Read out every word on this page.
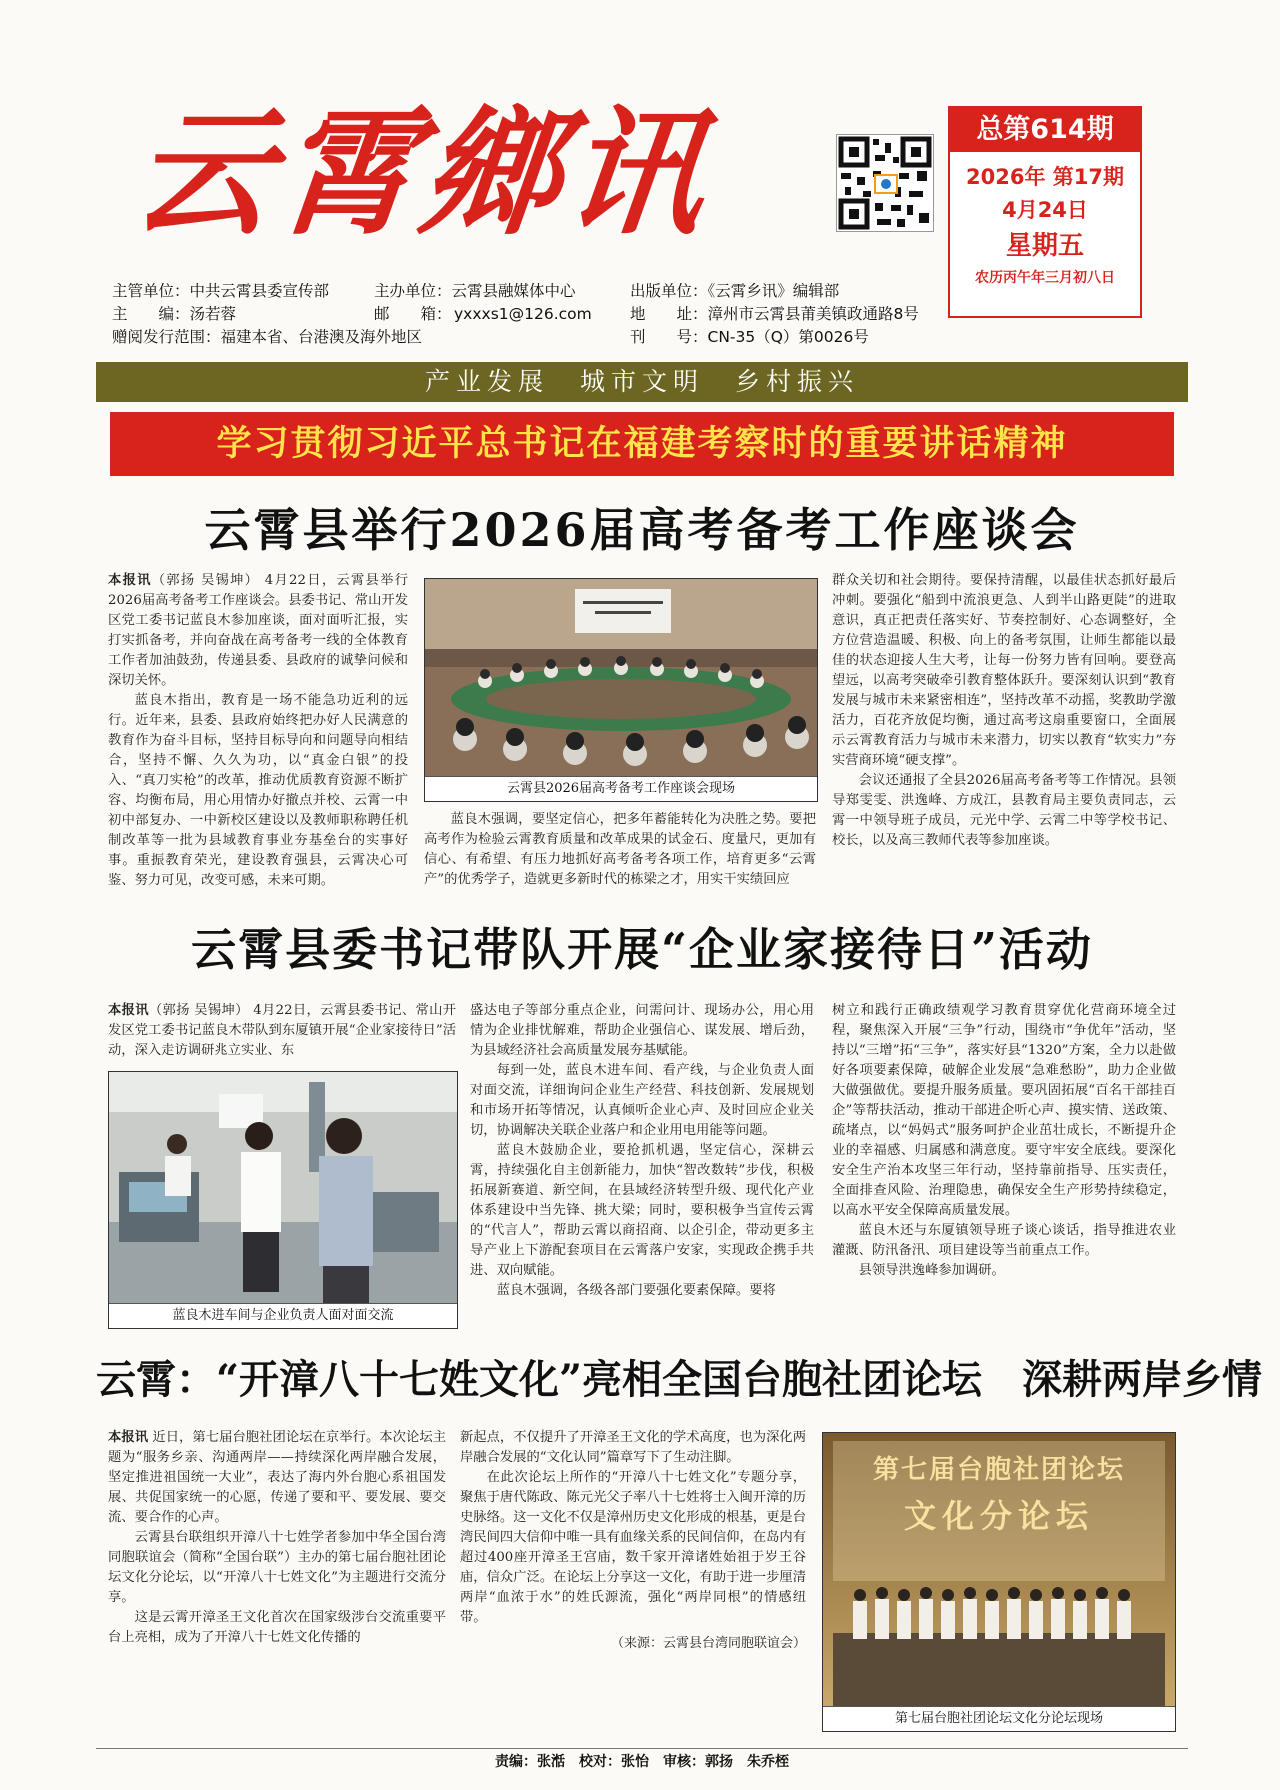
云霄鄉讯	总第614期
2026年 第17期
4月24日
星期五
农历丙午年三月初八日
主管单位：中共云霄县委宣传部	主办单位：云霄县融媒体中心	出版单位：《云霄乡讯》编辑部
主　　编：汤若蓉	邮　　箱： yxxxs1@126.com 地　　址：漳州市云霄县莆美镇政通路8号
赠阅发行范围：福建本省、台港澳及海外地区	刊　　号：CN-35（Q）第0026号
产业发展　城市文明　乡村振兴
学习贯彻习近平总书记在福建考察时的重要讲话精神
云霄县举行2026届高考备考工作座谈会

本报讯（郭扬 吴锡坤） 4月22日，云霄县举行2026届高考备考工作座谈会。县委书记、常山开发区党工委书记蓝良木参加座谈，面对面听汇报，实打实抓备考，并向奋战在高考备考一线的全体教育工作者加油鼓劲，传递县委、县政府的诚挚问候和深切关怀。

蓝良木指出，教育是一场不能急功近利的远行。近年来，县委、县政府始终把办好人民满意的教育作为奋斗目标，坚持目标导向和问题导向相结合，坚持不懈、久久为功，以“真金白银”的投入、“真刀实枪”的改革，推动优质教育资源不断扩容、均衡布局，用心用情办好撤点并校、云霄一中初中部复办、一中新校区建设以及教师职称聘任机制改革等一批为县域教育事业夯基垒台的实事好事。重振教育荣光，建设教育强县，云霄决心可鉴、努力可见，改变可感，未来可期。

云霄县2026届高考备考工作座谈会现场

蓝良木强调，要坚定信心，把多年蓄能转化为决胜之势。要把高考作为检验云霄教育质量和改革成果的试金石、度量尺，更加有信心、有希望、有压力地抓好高考备考各项工作，培育更多“云霄产”的优秀学子，造就更多新时代的栋梁之才，用实干实绩回应

群众关切和社会期待。要保持清醒，以最佳状态抓好最后冲刺。要强化“船到中流浪更急、人到半山路更陡”的进取意识，真正把责任落实好、节奏控制好、心态调整好，全方位营造温暖、积极、向上的备考氛围，让师生都能以最佳的状态迎接人生大考，让每一份努力皆有回响。要登高望远，以高考突破牵引教育整体跃升。要深刻认识到“教育发展与城市未来紧密相连”，坚持改革不动摇，奖教助学激活力，百花齐放促均衡，通过高考这扇重要窗口，全面展示云霄教育活力与城市未来潜力，切实以教育“软实力”夯实营商环境“硬支撑”。

会议还通报了全县2026届高考备考等工作情况。县领导郑雯雯、洪逸峰、方成江，县教育局主要负责同志，云霄一中领导班子成员，元光中学、云霄二中等学校书记、校长，以及高三教师代表等参加座谈。

云霄县委书记带队开展“企业家接待日”活动

本报讯（郭扬 吴锡坤） 4月22日，云霄县委书记、常山开发区党工委书记蓝良木带队到东厦镇开展“企业家接待日”活动，深入走访调研兆立实业、东

蓝良木进车间与企业负责人面对面交流

盛达电子等部分重点企业，问需问计、现场办公，用心用情为企业排忧解难，帮助企业强信心、谋发展、增后劲，为县域经济社会高质量发展夯基赋能。

每到一处，蓝良木进车间、看产线，与企业负责人面对面交流，详细询问企业生产经营、科技创新、发展规划和市场开拓等情况，认真倾听企业心声、及时回应企业关切，协调解决关联企业落户和企业用电用能等问题。

蓝良木鼓励企业，要抢抓机遇，坚定信心，深耕云霄，持续强化自主创新能力，加快“智改数转”步伐，积极拓展新赛道、新空间，在县域经济转型升级、现代化产业体系建设中当先锋、挑大梁；同时，要积极争当宣传云霄的“代言人”，帮助云霄以商招商、以企引企，带动更多主导产业上下游配套项目在云霄落户安家，实现政企携手共进、双向赋能。

蓝良木强调，各级各部门要强化要素保障。要将

树立和践行正确政绩观学习教育贯穿优化营商环境全过程，聚焦深入开展“三争”行动，围绕市“争优年”活动，坚持以“三增”拓“三争”，落实好县“1320”方案，全力以赴做好各项要素保障，破解企业发展“急难愁盼”，助力企业做大做强做优。要提升服务质量。要巩固拓展“百名干部挂百企”等帮扶活动，推动干部进企听心声、摸实情、送政策、疏堵点，以“妈妈式”服务呵护企业茁壮成长，不断提升企业的幸福感、归属感和满意度。要守牢安全底线。要深化安全生产治本攻坚三年行动，坚持靠前指导、压实责任，全面排查风险、治理隐患，确保安全生产形势持续稳定，以高水平安全保障高质量发展。

蓝良木还与东厦镇领导班子谈心谈话，指导推进农业灌溉、防汛备汛、项目建设等当前重点工作。

县领导洪逸峰参加调研。

云霄：“开漳八十七姓文化”亮相全国台胞社团论坛　深耕两岸乡情

本报讯 近日，第七届台胞社团论坛在京举行。本次论坛主题为“服务乡亲、沟通两岸——持续深化两岸融合发展，坚定推进祖国统一大业”，表达了海内外台胞心系祖国发展、共促国家统一的心愿，传递了要和平、要发展、要交流、要合作的心声。

云霄县台联组织开漳八十七姓学者参加中华全国台湾同胞联谊会（简称“全国台联”）主办的第七届台胞社团论坛文化分论坛，以“开漳八十七姓文化”为主题进行交流分享。

这是云霄开漳圣王文化首次在国家级涉台交流重要平台上亮相，成为了开漳八十七姓文化传播的

新起点，不仅提升了开漳圣王文化的学术高度，也为深化两岸融合发展的“文化认同”篇章写下了生动注脚。

在此次论坛上所作的“开漳八十七姓文化”专题分享，聚焦于唐代陈政、陈元光父子率八十七姓将士入闽开漳的历史脉络。这一文化不仅是漳州历史文化形成的根基，更是台湾民间四大信仰中唯一具有血缘关系的民间信仰，在岛内有超过400座开漳圣王宫庙，数千家开漳诸姓始祖于岁王谷庙，信众广泛。在论坛上分享这一文化，有助于进一步厘清两岸“血浓于水”的姓氏源流，强化“两岸同根”的情感纽带。

（来源：云霄县台湾同胞联谊会）
第七届台胞社团论坛
文化分论坛
第七届台胞社团论坛文化分论坛现场
责编：张湉　校对：张怡　审核：郭扬　朱乔桎
